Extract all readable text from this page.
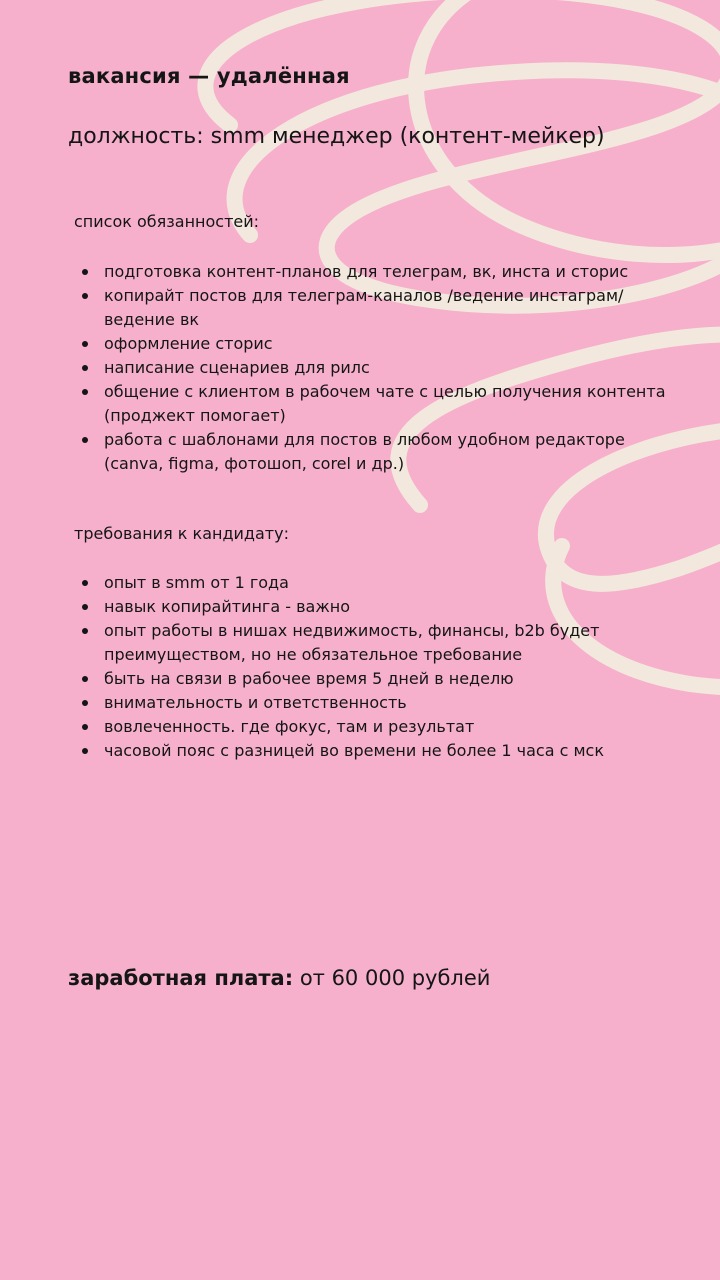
вакансия — удалённая
должность: smm менеджер (контент-мейкер)
список обязанностей:
подготовка контент-планов для телеграм, вк, инста и сторис
копирайт постов для телеграм-каналов /ведение инстаграм/ведение вк
оформление сторис
написание сценариев для рилс
общение с клиентом в рабочем чате с целью получения контента (проджект помогает)
работа с шаблонами для постов в любом удобном редакторе (canva, figma, фотошоп, corel и др.)
требования к кандидату:
опыт в smm от 1 года
навык копирайтинга - важно
опыт работы в нишах недвижимость, финансы, b2b будет преимуществом, но не обязательное требование
быть на связи в рабочее время 5 дней в неделю
внимательность и ответственность
вовлеченность. где фокус, там и результат
часовой пояс с разницей во времени не более 1 часа с мск

заработная плата: от 60 000 рублей
